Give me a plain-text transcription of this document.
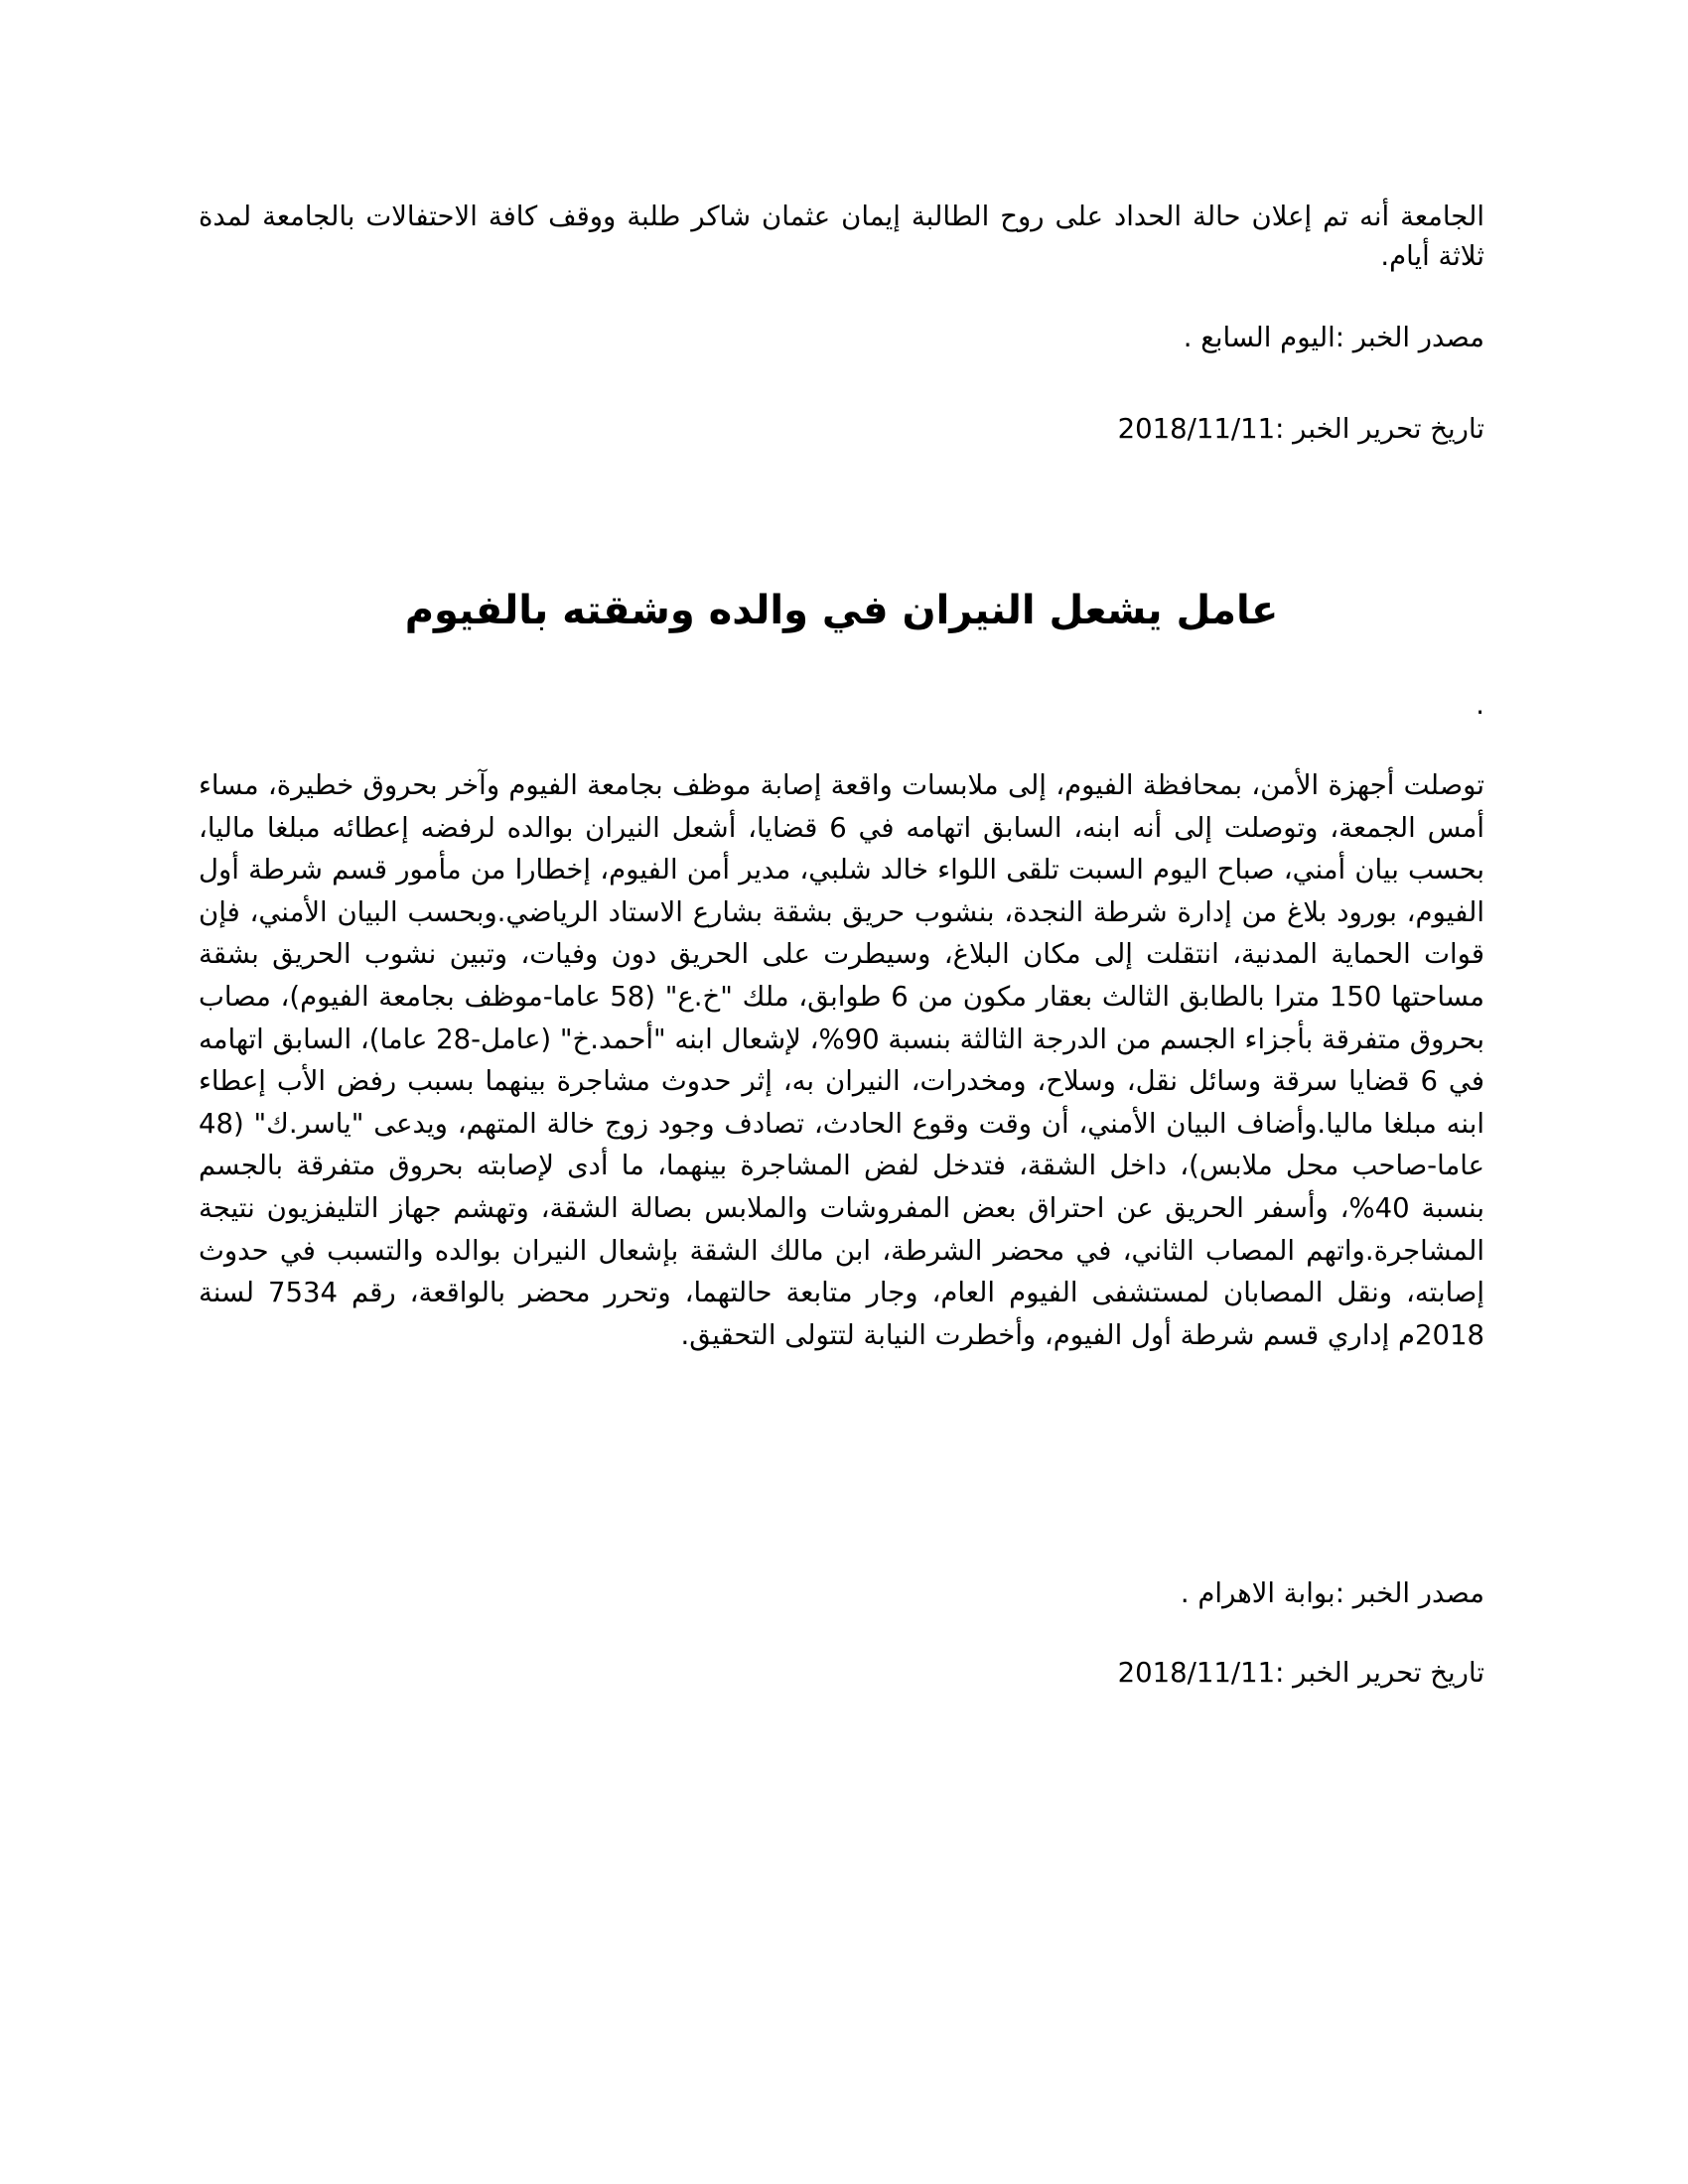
الجامعة أنه تم إعلان حالة الحداد على روح الطالبة إيمان عثمان شاكر طلبة ووقف كافة الاحتفالات بالجامعة لمدة ثلاثة أيام.

مصدر الخبر :اليوم السابع .

تاريخ تحرير الخبر :2018/11/11

عامل يشعل النيران في والده وشقته بالفيوم

.

توصلت أجهزة الأمن، بمحافظة الفيوم، إلى ملابسات واقعة إصابة موظف بجامعة الفيوم وآخر بحروق خطيرة، مساء أمس الجمعة، وتوصلت إلى أنه ابنه، السابق اتهامه في 6 قضايا، أشعل النيران بوالده لرفضه إعطائه مبلغا ماليا، بحسب بيان أمني، صباح اليوم السبت تلقى اللواء خالد شلبي، مدير أمن الفيوم، إخطارا من مأمور قسم شرطة أول الفيوم، بورود بلاغ من إدارة شرطة النجدة، بنشوب حريق بشقة بشارع الاستاد الرياضي.وبحسب البيان الأمني، فإن قوات الحماية المدنية، انتقلت إلى مكان البلاغ، وسيطرت على الحريق دون وفيات، وتبين نشوب الحريق بشقة مساحتها 150 مترا بالطابق الثالث بعقار مكون من 6 طوابق، ملك "خ.ع" (58 عاما-موظف بجامعة الفيوم)، مصاب بحروق متفرقة بأجزاء الجسم من الدرجة الثالثة بنسبة 90%، لإشعال ابنه "أحمد.خ" (عامل-28 عاما)، السابق اتهامه في 6 قضايا سرقة وسائل نقل، وسلاح، ومخدرات، النيران به، إثر حدوث مشاجرة بينهما بسبب رفض الأب إعطاء ابنه مبلغا ماليا.وأضاف البيان الأمني، أن وقت وقوع الحادث، تصادف وجود زوج خالة المتهم، ويدعى "ياسر.ك" (48 عاما-صاحب محل ملابس)، داخل الشقة، فتدخل لفض المشاجرة بينهما، ما أدى لإصابته بحروق متفرقة بالجسم بنسبة 40%، وأسفر الحريق عن احتراق بعض المفروشات والملابس بصالة الشقة، وتهشم جهاز التليفزيون نتيجة المشاجرة.واتهم المصاب الثاني، في محضر الشرطة، ابن مالك الشقة بإشعال النيران بوالده والتسبب في حدوث إصابته، ونقل المصابان لمستشفى الفيوم العام، وجار متابعة حالتهما، وتحرر محضر بالواقعة، رقم 7534 لسنة 2018م إداري قسم شرطة أول الفيوم، وأخطرت النيابة لتتولى التحقيق.

مصدر الخبر :بوابة الاهرام .

تاريخ تحرير الخبر :2018/11/11
